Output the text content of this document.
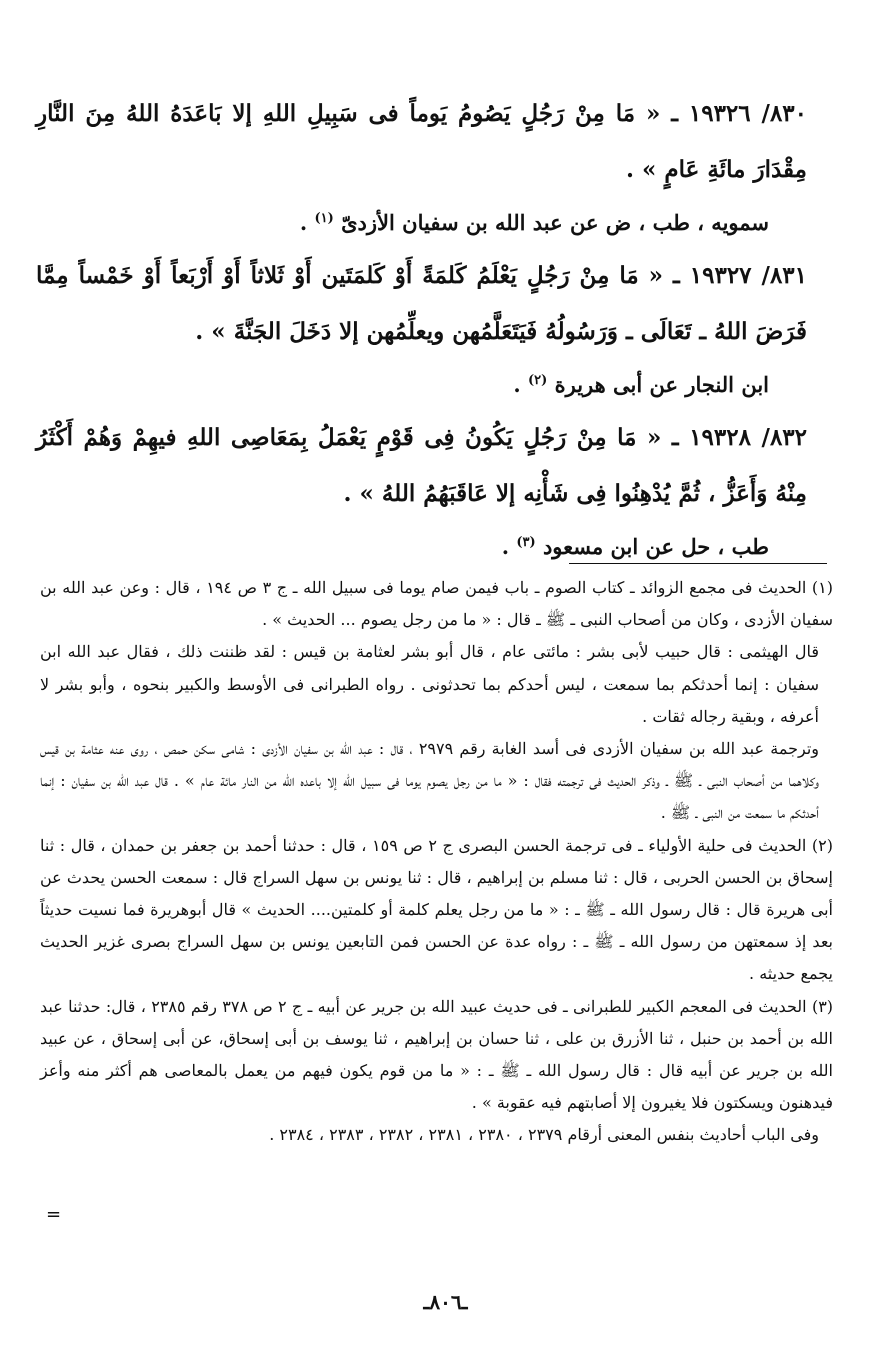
٨٣٠/ ١٩٣٢٦ ـ « مَا مِنْ رَجُلٍ يَصُومُ يَوماً فى سَبِيلِ اللهِ إلا بَاعَدَهُ اللهُ مِنَ النَّارِ مِقْدَارَ مائَةِ عَامٍ » .

سمويه ، طب ، ض عن عبد الله بن سفيان الأزدىّ $^{(١)}$ .

٨٣١/ ١٩٣٢٧ ـ « مَا مِنْ رَجُلٍ يَعْلَمُ كَلمَةً أَوْ كَلمَتَين أَوْ ثَلاثاً أَوْ أَرْبَعاً أَوْ خَمْساً مِمَّا فَرَضَ اللهُ ـ تَعَالَى ـ وَرَسُولُهُ فَيَتَعَلَّمُهن ويعلِّمُهن إلا دَخَلَ الجَنَّةَ » .

ابن النجار عن أبى هريرة $^{(٢)}$ .

٨٣٢/ ١٩٣٢٨ ـ « مَا مِنْ رَجُلٍ يَكُونُ فِى قَوْمٍ يَعْمَلُ بِمَعَاصِى اللهِ فيهِمْ وَهُمْ أَكْثَرُ مِنْهُ وَأَعَزُّ ، ثُمَّ يُدْهِنُوا فِى شَأْنِه إلا عَاقَبَهُمُ اللهُ » .

طب ، حل عن ابن مسعود $^{(٣)}$ .

(١) الحديث فى مجمع الزوائد ـ كتاب الصوم ـ باب فيمن صام يوما فى سبيل الله ـ ج ٣ ص ١٩٤ ، قال : وعن عبد الله بن سفيان الأزدى ، وكان من أصحاب النبى ـ ﷺ ـ قال : « ما من رجل يصوم ... الحديث » .

قال الهيثمى : قال حبيب لأبى بشر : مائتى عام ، قال أبو بشر لعثامة بن قيس : لقد ظننت ذلك ، فقال عبد الله ابن سفيان : إنما أحدثكم بما سمعت ، ليس أحدكم بما تحدثونى . رواه الطبرانى فى الأوسط والكبير بنحوه ، وأبو بشر لا أعرفه ، وبقية رجاله ثقات .

وترجمة عبد الله بن سفيان الأزدى فى أسد الغابة رقم ٢٩٧٩ ، قال : عبد الله بن سفيان الأزدى : شامى سكن حمص ، روى عنه عثامة بن قيس وكلاهما من أصحاب النبى ـ ﷺ ـ وذكر الحديث فى ترجمته فقال : « ما من رجل يصوم يوما فى سبيل الله إلا باعده الله من النار مائة عام » . قال عبد الله بن سفيان : إنما أحدثكم ما سمعت من النبى ـ ﷺ .

(٢) الحديث فى حلية الأولياء ـ فى ترجمة الحسن البصرى ج ٢ ص ١٥٩ ، قال : حدثنا أحمد بن جعفر بن حمدان ، قال : ثنا إسحاق بن الحسن الحربى ، قال : ثنا مسلم بن إبراهيم ، قال : ثنا يونس بن سهل السراج قال : سمعت الحسن يحدث عن أبى هريرة قال : قال رسول الله ـ ﷺ ـ : « ما من رجل يعلم كلمة أو كلمتين.... الحديث » قال أبوهريرة فما نسيت حديثاً بعد إذ سمعتهن من رسول الله ـ ﷺ ـ : رواه عدة عن الحسن فمن التابعين يونس بن سهل السراج بصرى غزير الحديث يجمع حديثه .

(٣) الحديث فى المعجم الكبير للطبرانى ـ فى حديث عبيد الله بن جرير عن أبيه ـ ج ٢ ص ٣٧٨ رقم ٢٣٨٥ ، قال: حدثنا عبد الله بن أحمد بن حنبل ، ثنا الأزرق بن على ، ثنا حسان بن إبراهيم ، ثنا يوسف بن أبى إسحاق، عن أبى إسحاق ، عن عبيد الله بن جرير عن أبيه قال : قال رسول الله ـ ﷺ ـ : « ما من قوم يكون فيهم من يعمل بالمعاصى هم أكثر منه وأعز فيدهنون ويسكتون فلا يغيرون إلا أصابتهم فيه عقوبة » .

وفى الباب أحاديث بنفس المعنى أرقام ٢٣٧٩ ، ٢٣٨٠ ، ٢٣٨١ ، ٢٣٨٢ ، ٢٣٨٣ ، ٢٣٨٤ .

=
ـ٨٠٦ـ
